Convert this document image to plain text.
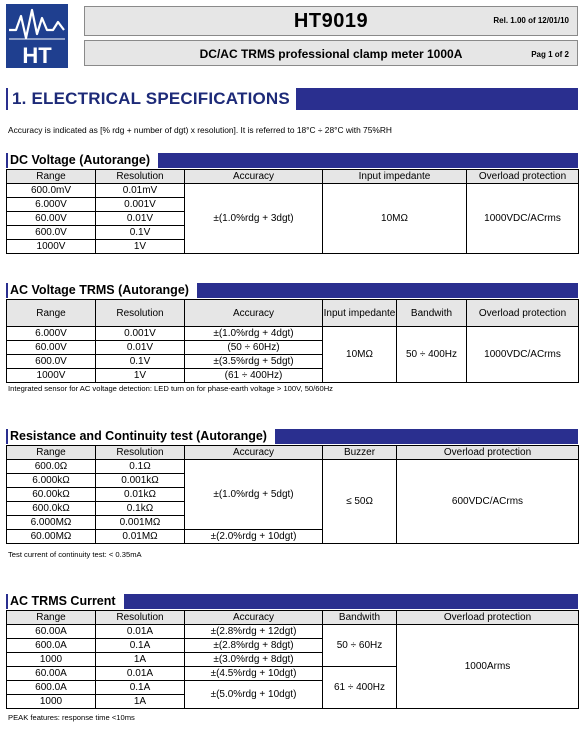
HT
HT9019	Rel. 1.00 of 12/01/10
DC/AC TRMS professional clamp meter 1000A	Pag 1 of 2
1. ELECTRICAL SPECIFICATIONS
Accuracy is indicated as [% rdg + number of dgt) x resolution]. It is referred to 18°C ÷ 28°C with 75%RH
DC Voltage (Autorange)
Range	Resolution	Accuracy	Input impedante	Overload protection
600.0mV	0.01mV	±(1.0%rdg + 3dgt)	10MΩ	1000VDC/ACrms
6.000V	0.001V			
60.00V	0.01V			
600.0V	0.1V			
1000V	1V			
AC Voltage TRMS (Autorange)
Range	Resolution	Accuracy	Input impedante	Bandwith	Overload protection
6.000V	0.001V	±(1.0%rdg + 4dgt)	10MΩ	50 ÷ 400Hz	1000VDC/ACrms
60.00V	0.01V	(50 ÷ 60Hz)			
600.0V	0.1V	±(3.5%rdg + 5dgt)			
1000V	1V	(61 ÷ 400Hz)			
Integrated sensor for AC voltage detection: LED turn on for phase-earth voltage > 100V, 50/60Hz
Resistance and Continuity test (Autorange)
Range	Resolution	Accuracy	Buzzer	Overload protection
600.0Ω	0.1Ω	±(1.0%rdg + 5dgt)	≤ 50Ω	600VDC/ACrms
6.000kΩ	0.001kΩ			
60.00kΩ	0.01kΩ			
600.0kΩ	0.1kΩ			
6.000MΩ	0.001MΩ			
60.00MΩ	0.01MΩ	±(2.0%rdg + 10dgt)		
Test current of continuity test: < 0.35mA
AC TRMS Current
Range	Resolution	Accuracy	Bandwith	Overload protection
60.00A	0.01A	±(2.8%rdg + 12dgt)	50 ÷ 60Hz	1000Arms
600.0A	0.1A	±(2.8%rdg + 8dgt)		
1000	1A	±(3.0%rdg + 8dgt)		
60.00A	0.01A	±(4.5%rdg + 10dgt)	61 ÷ 400Hz	
600.0A	0.1A	±(5.0%rdg + 10dgt)		
1000	1A			
PEAK features: response time <10ms
